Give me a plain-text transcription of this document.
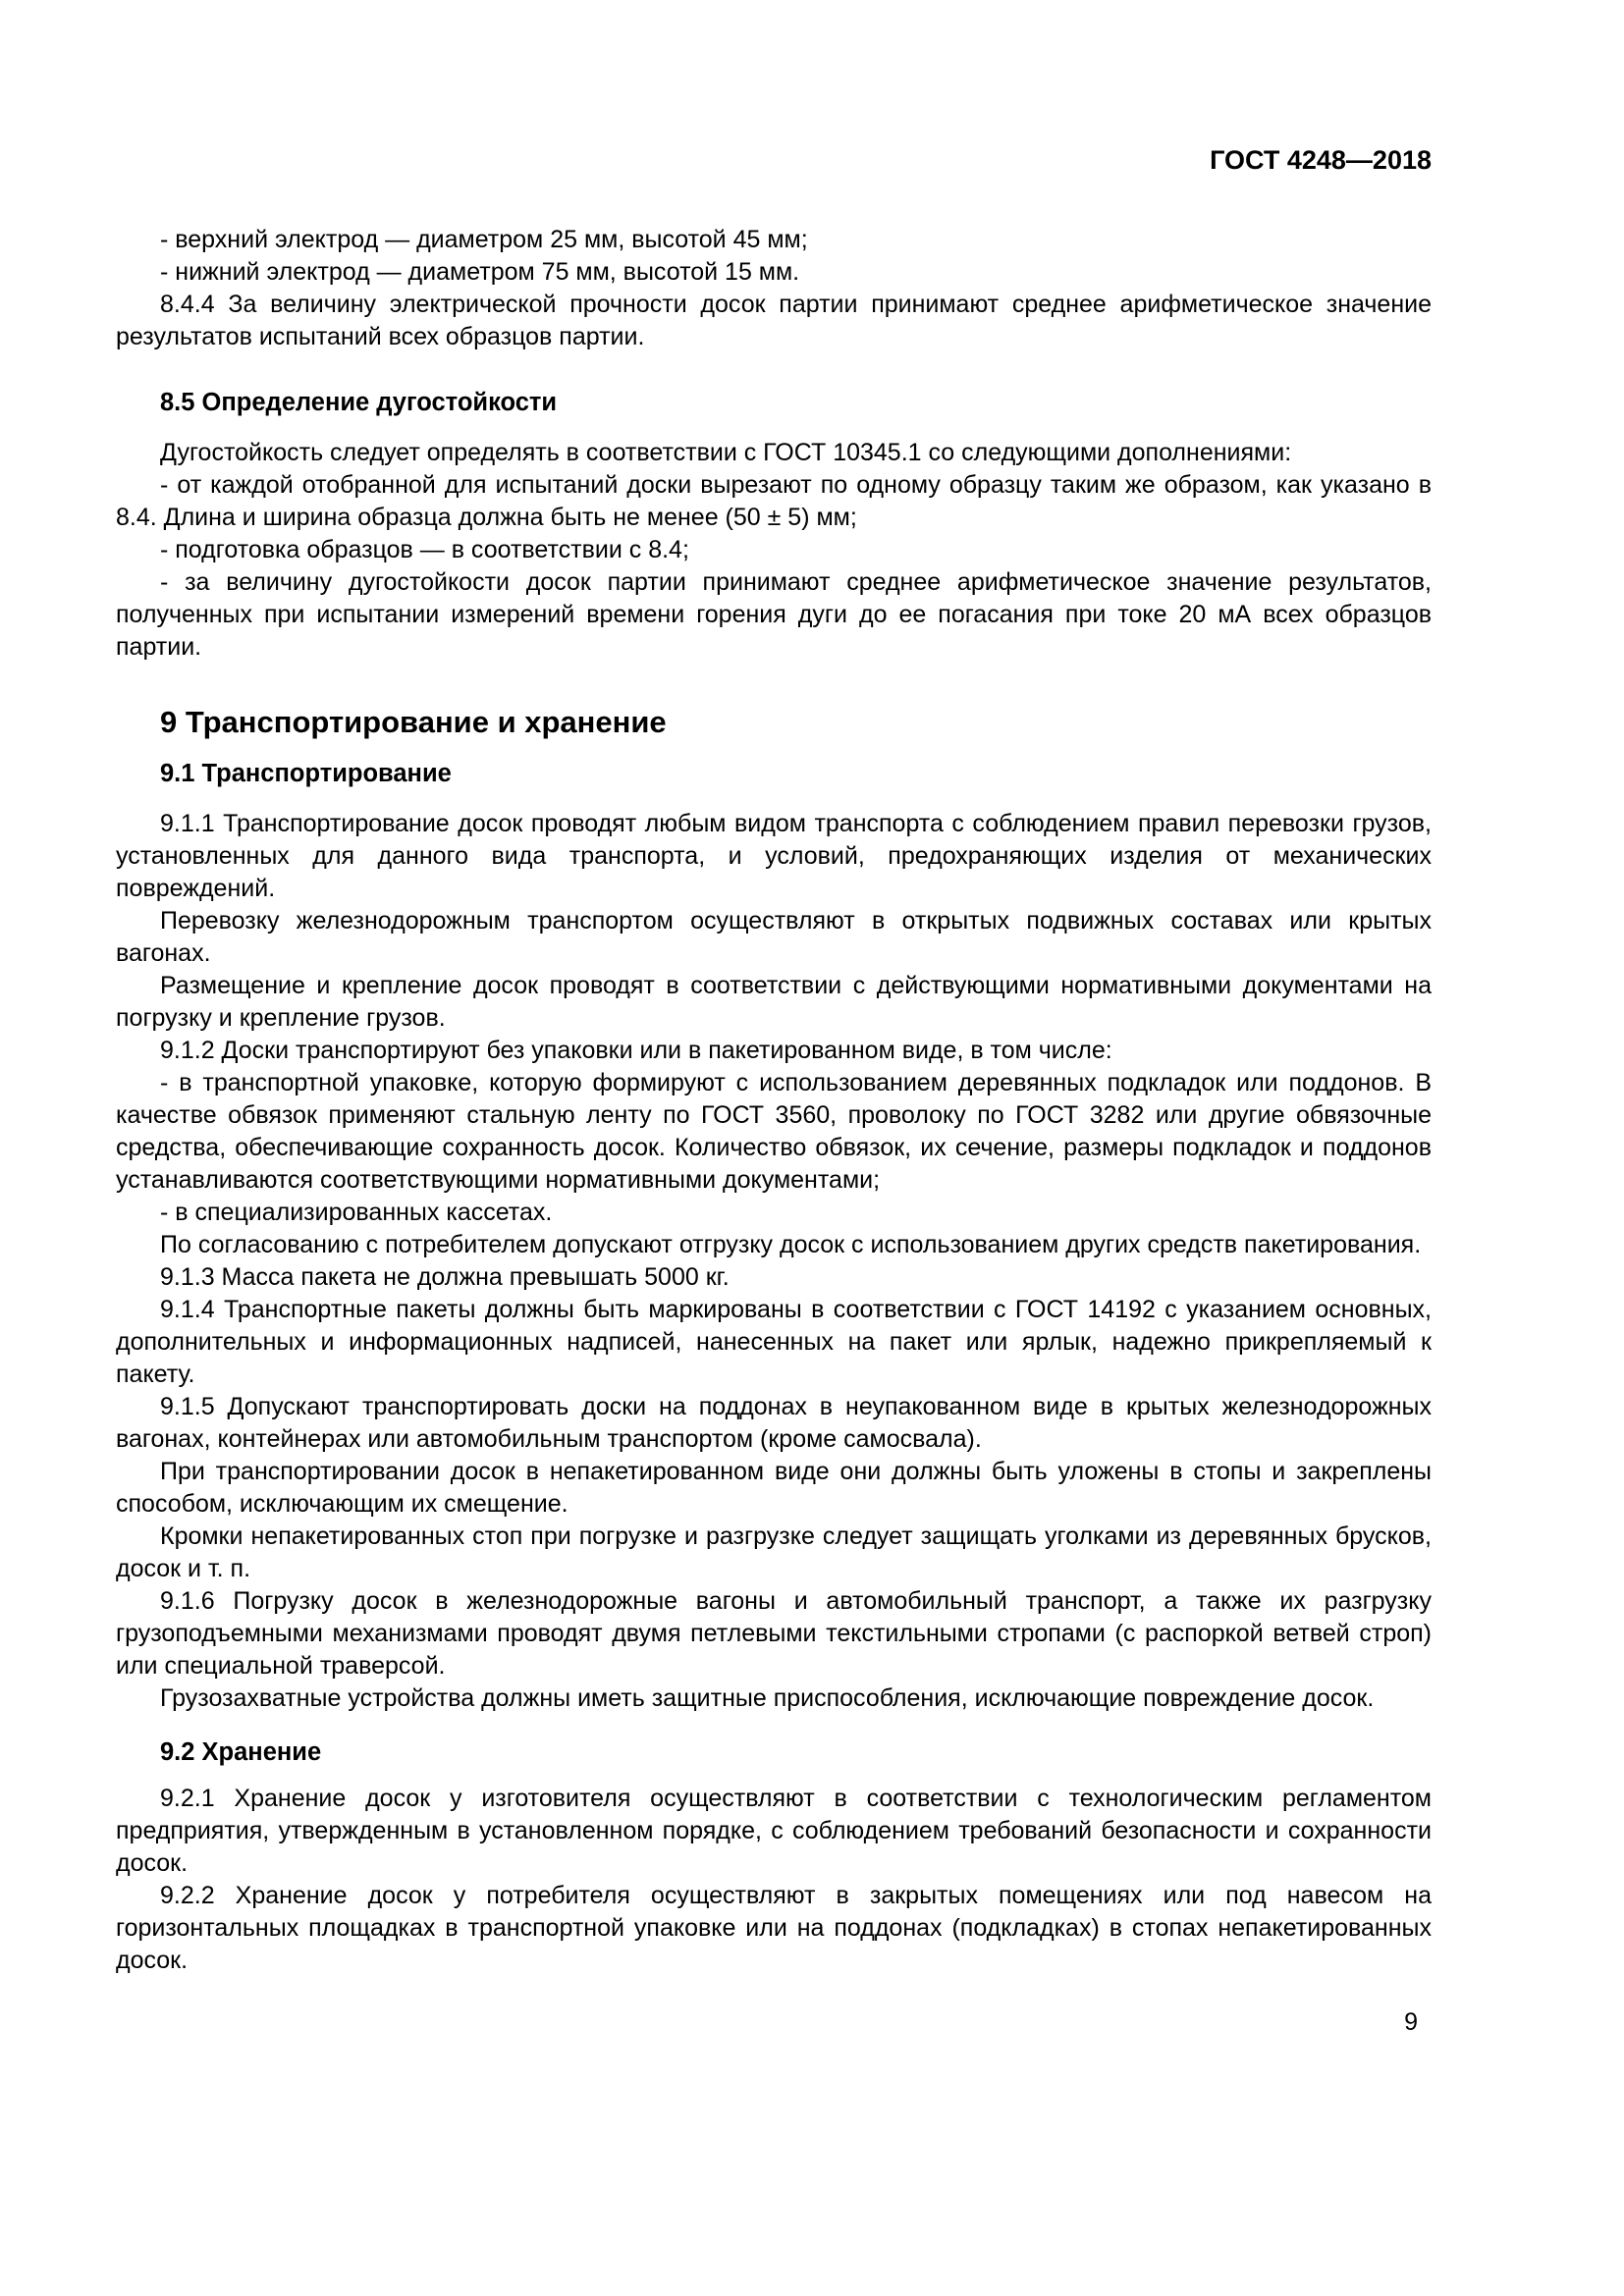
ГОСТ 4248—2018

- верхний электрод — диаметром 25 мм, высотой 45 мм;

- нижний электрод — диаметром 75 мм, высотой 15 мм.

8.4.4 За величину электрической прочности досок партии принимают среднее арифметическое значение результатов испытаний всех образцов партии.

8.5 Определение дугостойкости

Дугостойкость следует определять в соответствии с ГОСТ 10345.1 со следующими дополнениями:

- от каждой отобранной для испытаний доски вырезают по одному образцу таким же образом, как указано в 8.4. Длина и ширина образца должна быть не менее (50 ± 5) мм;

- подготовка образцов — в соответствии с 8.4;

- за величину дугостойкости досок партии принимают среднее арифметическое значение результатов, полученных при испытании измерений времени горения дуги до ее погасания при токе 20 мА всех образцов партии.

9 Транспортирование и хранение
9.1 Транспортирование

9.1.1 Транспортирование досок проводят любым видом транспорта с соблюдением правил перевозки грузов, установленных для данного вида транспорта, и условий, предохраняющих изделия от механических повреждений.

Перевозку железнодорожным транспортом осуществляют в открытых подвижных составах или крытых вагонах.

Размещение и крепление досок проводят в соответствии с действующими нормативными документами на погрузку и крепление грузов.

9.1.2 Доски транспортируют без упаковки или в пакетированном виде, в том числе:

- в транспортной упаковке, которую формируют с использованием деревянных подкладок или поддонов. В качестве обвязок применяют стальную ленту по ГОСТ 3560, проволоку по ГОСТ 3282 или другие обвязочные средства, обеспечивающие сохранность досок. Количество обвязок, их сечение, размеры подкладок и поддонов устанавливаются соответствующими нормативными документами;

- в специализированных кассетах.

По согласованию с потребителем допускают отгрузку досок с использованием других средств пакетирования.

9.1.3 Масса пакета не должна превышать 5000 кг.

9.1.4 Транспортные пакеты должны быть маркированы в соответствии с ГОСТ 14192 с указанием основных, дополнительных и информационных надписей, нанесенных на пакет или ярлык, надежно прикрепляемый к пакету.

9.1.5 Допускают транспортировать доски на поддонах в неупакованном виде в крытых железнодорожных вагонах, контейнерах или автомобильным транспортом (кроме самосвала).

При транспортировании досок в непакетированном виде они должны быть уложены в стопы и закреплены способом, исключающим их смещение.

Кромки непакетированных стоп при погрузке и разгрузке следует защищать уголками из деревянных брусков, досок и т. п.

9.1.6 Погрузку досок в железнодорожные вагоны и автомобильный транспорт, а также их разгрузку грузоподъемными механизмами проводят двумя петлевыми текстильными стропами (с распоркой ветвей строп) или специальной траверсой.

Грузозахватные устройства должны иметь защитные приспособления, исключающие повреждение досок.

9.2 Хранение

9.2.1 Хранение досок у изготовителя осуществляют в соответствии с технологическим регламентом предприятия, утвержденным в установленном порядке, с соблюдением требований безопасности и сохранности досок.

9.2.2 Хранение досок у потребителя осуществляют в закрытых помещениях или под навесом на горизонтальных площадках в транспортной упаковке или на поддонах (подкладках) в стопах непакетированных досок.

9
